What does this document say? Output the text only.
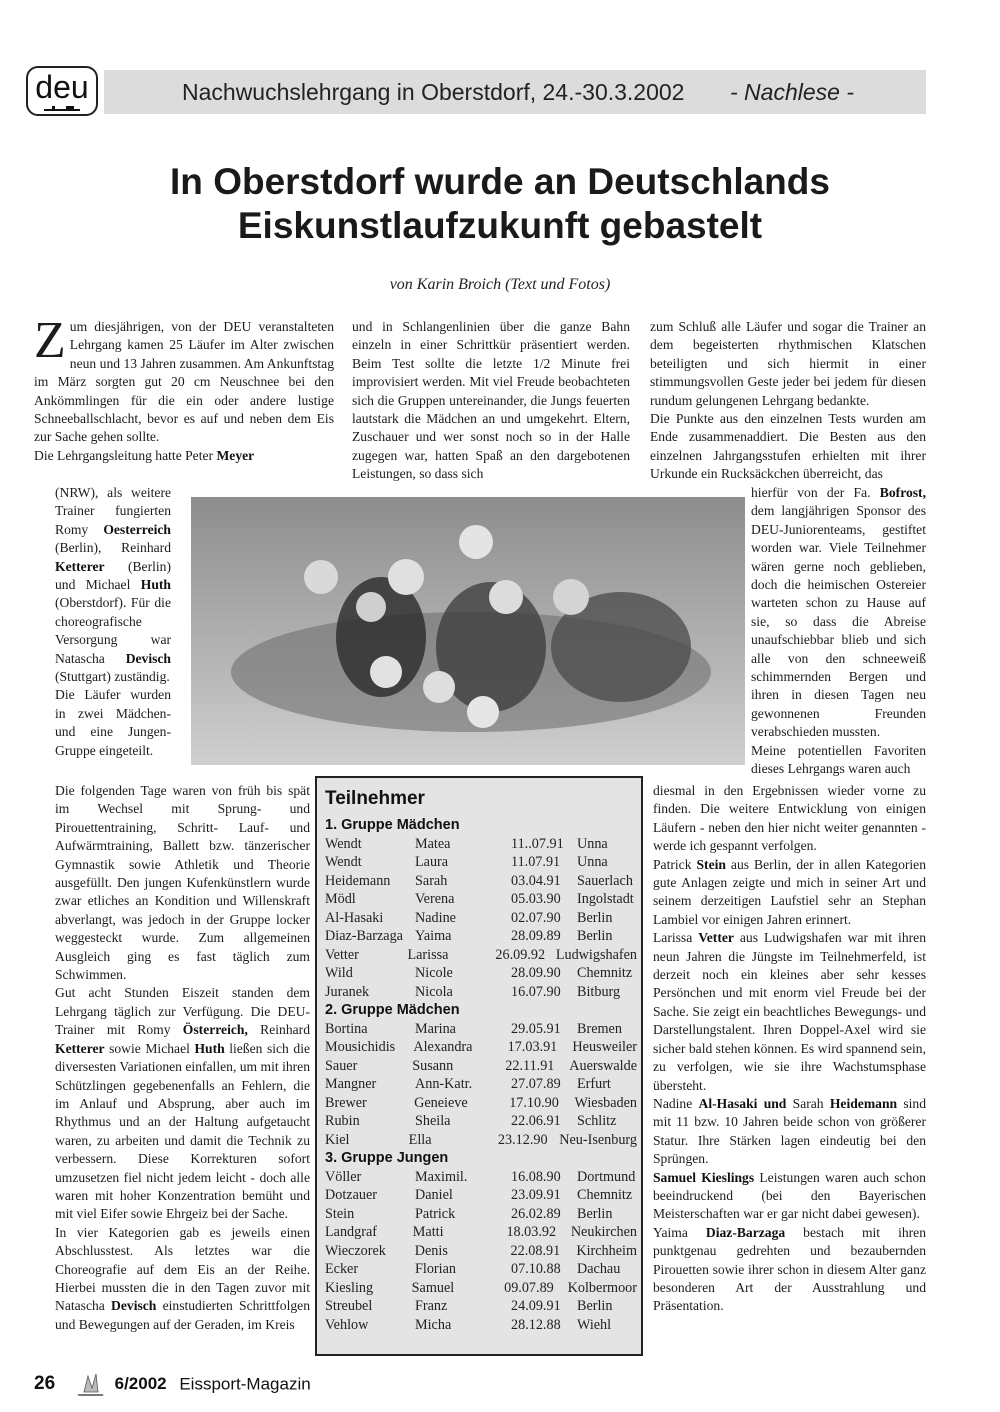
deu	Nachwuchslehrgang in Oberstdorf, 24.-30.3.2002 - Nachlese -
In Oberstdorf wurde an Deutschlands
Eiskunstlaufzukunft gebastelt
von Karin Broich (Text und Fotos)

Zum diesjährigen, von der DEU veranstalteten Lehrgang kamen 25 Läufer im Alter zwischen neun und 13 Jahren zusammen. Am Ankunftstag im März sorgten gut 20 cm Neuschnee bei den Ankömmlingen für die ein oder andere lustige Schneeballschlacht, bevor es auf und neben dem Eis zur Sache gehen sollte.

Die Lehrgangsleitung hatte Peter Meyer

(NRW), als weitere Trainer fungierten Romy Oesterreich (Berlin), Reinhard Ketterer (Berlin) und Michael Huth (Oberstdorf). Für die choreografische Versorgung war Natascha Devisch (Stuttgart) zuständig.

Die Läufer wurden in zwei Mädchen- und eine Jungen-Gruppe eingeteilt.

Die folgenden Tage waren von früh bis spät im Wechsel mit Sprung- und Pirouettentraining, Schritt- Lauf- und Aufwärmtraining, Ballett bzw. tänzerischer Gymnastik sowie Athletik und Theorie ausgefüllt. Den jungen Kufenkünstlern wurde zwar etliches an Kondition und Willenskraft abverlangt, was jedoch in der Gruppe locker weggesteckt wurde. Zum allgemeinen Ausgleich ging es fast täglich zum Schwimmen.

Gut acht Stunden Eiszeit standen dem Lehrgang täglich zur Verfügung. Die DEU-Trainer mit Romy Österreich, Reinhard Ketterer sowie Michael Huth ließen sich die diversesten Variationen einfallen, um mit ihren Schützlingen gegebenenfalls an Fehlern, die im Anlauf und Absprung, aber auch im Rhythmus und an der Haltung aufgetaucht waren, zu arbeiten und damit die Technik zu verbessern. Diese Korrekturen sofort umzusetzen fiel nicht jedem leicht - doch alle waren mit hoher Konzentration bemüht und mit viel Eifer sowie Ehrgeiz bei der Sache.

In vier Kategorien gab es jeweils einen Abschlusstest. Als letztes war die Choreografie auf dem Eis an der Reihe. Hierbei mussten die in den Tagen zuvor mit Natascha Devisch einstudierten Schrittfolgen und Bewegungen auf der Geraden, im Kreis

und in Schlangenlinien über die ganze Bahn einzeln in einer Schrittkür präsentiert werden. Beim Test sollte die letzte 1/2 Minute frei improvisiert werden. Mit viel Freude beobachteten sich die Gruppen untereinander, die Jungs feuerten lautstark die Mädchen an und umgekehrt. Eltern, Zuschauer und wer sonst noch so in der Halle zugegen war, hatten Spaß an den dargebotenen Leistungen, so dass sich

zum Schluß alle Läufer und sogar die Trainer an dem begeisterten rhythmischen Klatschen beteiligten und sich hiermit in einer stimmungsvollen Geste jeder bei jedem für diesen rundum gelungenen Lehrgang bedankte.

Die Punkte aus den einzelnen Tests wurden am Ende zusammenaddiert. Die Besten aus den einzelnen Jahrgangsstufen erhielten mit ihrer Urkunde ein Rucksäckchen überreicht, das

hierfür von der Fa. Bofrost, dem langjährigen Sponsor des DEU-Juniorenteams, gestiftet worden war. Viele Teilnehmer wären gerne noch geblieben, doch die heimischen Ostereier warteten schon zu Hause auf sie, so dass die Abreise unaufschiebbar blieb und sich alle von den schneeweiß schimmernden Bergen und ihren in diesen Tagen neu gewonnenen Freunden verabschieden mussten.

Meine potentiellen Favoriten dieses Lehrgangs waren auch

diesmal in den Ergebnissen wieder vorne zu finden. Die weitere Entwicklung von einigen Läufern - neben den hier nicht weiter genannten - werde ich gespannt verfolgen.

Patrick Stein aus Berlin, der in allen Kategorien gute Anlagen zeigte und mich in seiner Art und seinem derzeitigen Laufstiel sehr an Stephan Lambiel vor einigen Jahren erinnert.

Larissa Vetter aus Ludwigshafen war mit ihren neun Jahren die Jüngste im Teilnehmerfeld, ist derzeit noch ein kleines aber sehr kesses Persönchen und mit enorm viel Freude bei der Sache. Sie zeigt ein beachtliches Bewegungs- und Darstellungstalent. Ihren Doppel-Axel wird sie sicher bald stehen können. Es wird spannend sein, zu verfolgen, wie sie ihre Wachstumsphase übersteht.

Nadine Al-Hasaki und Sarah Heidemann sind mit 11 bzw. 10 Jahren beide schon von größerer Statur. Ihre Stärken lagen eindeutig bei den Sprüngen.

Samuel Kieslings Leistungen waren auch schon beeindruckend (bei den Bayerischen Meisterschaften war er gar nicht dabei gewesen).

Yaima Diaz-Barzaga bestach mit ihren punktgenau gedrehten und bezaubernden Pirouetten sowie ihrer schon in diesem Alter ganz besonderen Art der Ausstrahlung und Präsentation.

Teilnehmer
1. Gruppe Mädchen
Wendt	Matea	11..07.91 Unna
Wendt	Laura	11.07.91	Unna
Heidemann	Sarah	03.04.91	Sauerlach
Mödl	Verena	05.03.90	Ingolstadt
Al-Hasaki	Nadine	02.07.90	Berlin
Diaz-Barzaga Yaima	28.09.89	Berlin
Vetter	Larissa	26.09.92 Ludwigshafen
Wild	Nicole	28.09.90	Chemnitz
Juranek	Nicola	16.07.90	Bitburg
2. Gruppe Mädchen
Bortina	Marina	29.05.91	Bremen
Mousichidis	Alexandra	17.03.91	Heusweiler
Sauer	Susann	22.11.91	Auerswalde
Mangner	Ann-Katr.	27.07.89	Erfurt
Brewer	Geneieve	17.10.90	Wiesbaden
Rubin	Sheila	22.06.91	Schlitz
Kiel	Ella	23.12.90 Neu-Isenburg
3. Gruppe Jungen
Völler	Maximil.	16.08.90	Dortmund
Dotzauer	Daniel	23.09.91	Chemnitz
Stein	Patrick	26.02.89	Berlin
Landgraf	Matti	18.03.92	Neukirchen
Wieczorek	Denis	22.08.91	Kirchheim
Ecker	Florian	07.10.88	Dachau
Kiesling	Samuel	09.07.89 Kolbermoor
Streubel	Franz	24.09.91	Berlin
Vehlow	Micha	28.12.88	Wiehl
26	6/2002 Eissport-Magazin
